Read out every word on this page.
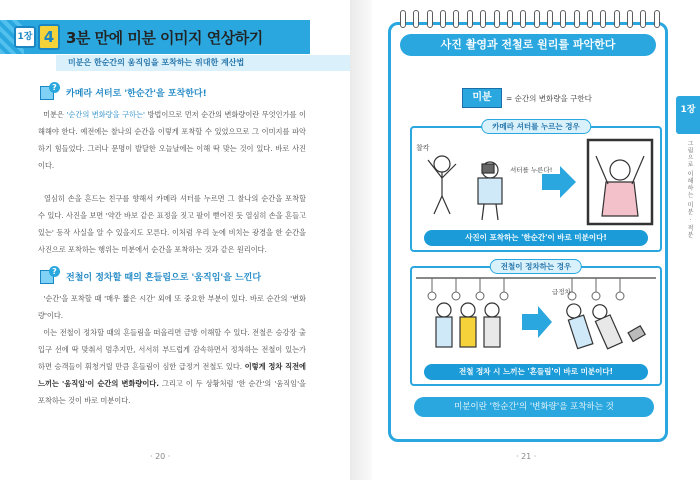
1장 4 3분 만에 미분 이미지 연상하기
미분은 한순간의 움직임을 포착하는 위대한 계산법
?
카메라 셔터로 '한순간'을 포착한다!

미분은 '순간의 변화량을 구하는' 방법이므로 먼저 순간의 변화량이란 무엇인가를 이해해야 한다. 예전에는 찰나의 순간을 이렇게 포착할 수 있었으므로 그 이미지를 파악하기 힘들었다. 그러나 문명이 발달한 오늘날에는 이해 딱 맞는 것이 있다. 바로 사진이다.

열심히 손을 흔드는 친구를 향해서 카메라 셔터를 누르면 그 찰나의 순간을 포착할 수 있다. 사진을 보면 '약간 바보 같은 표정을 짓고 팔이 뻗어진 듯 열심히 손을 흔들고 있는' 동작 사실을 알 수 있을지도 모른다. 이처럼 우리 눈에 비치는 광경을 한 순간을 사진으로 포착하는 행위는 미분에서 순간을 포착하는 것과 같은 원리이다.

?
전철이 정차할 때의 흔들림으로 '움직임'을 느낀다

'순간'을 포착할 때 '매우 짧은 시간' 외에 또 중요한 부분이 있다. 바로 순간의 '변화량'이다.

이는 전철이 정차할 때의 흔들림을 떠올리면 금방 이해할 수 있다. 전철은 승강장 출입구 선에 딱 맞춰서 멈추지만, 서서히 부드럽게 감속하면서 정차하는 전철이 있는가 하면 승객들이 휘청거릴 만큼 흔들림이 심한 급정거 전철도 있다. 이렇게 정차 직전에 느끼는 '움직임'이 순간의 변화량이다. 그리고 이 두 상황처럼 '한 순간'의 '움직임'을 포착하는 것이 바로 미분이다.

· 20 ·
사진 촬영과 전철로 원리를 파악한다
미분	= 순간의 변화량을 구한다
카메라 셔터를 누르는 경우
찰칵
셔터를 누른다!
사진이 포착하는 '한순간'이 바로 미분이다!
전철이 정차하는 경우
급정차
전철 정차 시 느끼는 '흔들림'이 바로 미분이다!
미분이란 '한순간'의 '변화량'을 포착하는 것
1장
그림으로 이해하는 미분 · 적분
· 21 ·
